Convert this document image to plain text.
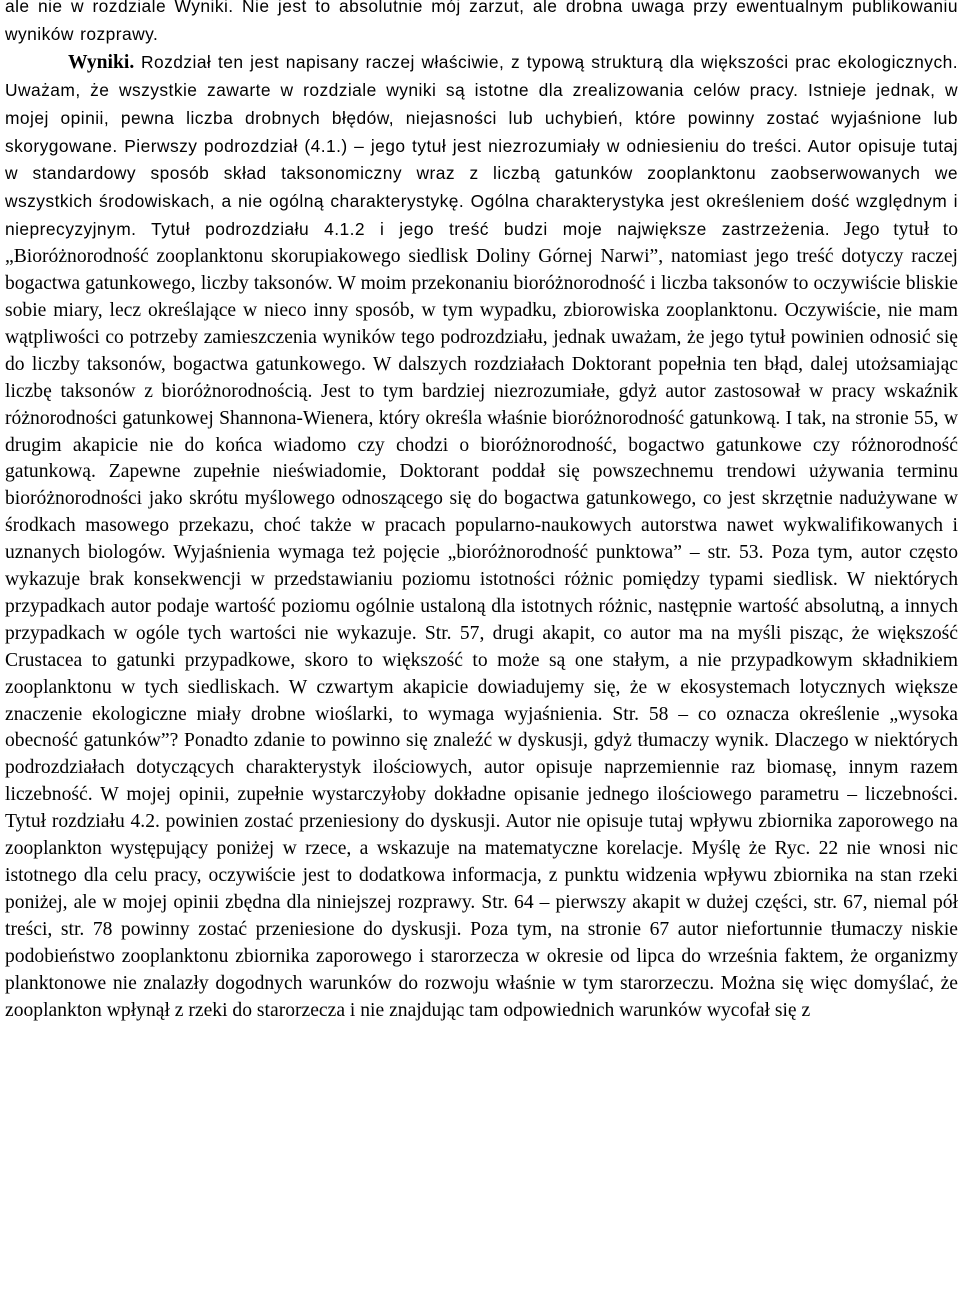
ale nie w rozdziale Wyniki. Nie jest to absolutnie mój zarzut, ale drobna uwaga przy ewentualnym publikowaniu wyników rozprawy.

Wyniki. Rozdział ten jest napisany raczej właściwie, z typową strukturą dla większości prac ekologicznych. Uważam, że wszystkie zawarte w rozdziale wyniki są istotne dla zrealizowania celów pracy. Istnieje jednak, w mojej opinii, pewna liczba drobnych błędów, niejasności lub uchybień, które powinny zostać wyjaśnione lub skorygowane. Pierwszy podrozdział (4.1.) – jego tytuł jest niezrozumiały w odniesieniu do treści. Autor opisuje tutaj w standardowy sposób skład taksonomiczny wraz z liczbą gatunków zooplanktonu zaobserwowanych we wszystkich środowiskach, a nie ogólną charakterystykę. Ogólna charakterystyka jest określeniem dość względnym i nieprecyzyjnym. Tytuł podrozdziału 4.1.2 i jego treść budzi moje największe zastrzeżenia. Jego tytuł to „Bioróżnorodność zooplanktonu skorupiakowego siedlisk Doliny Górnej Narwi”, natomiast jego treść dotyczy raczej bogactwa gatunkowego, liczby taksonów. W moim przekonaniu bioróżnorodność i liczba taksonów to oczywiście bliskie sobie miary, lecz określające w nieco inny sposób, w tym wypadku, zbiorowiska zooplanktonu. Oczywiście, nie mam wątpliwości co potrzeby zamieszczenia wyników tego podrozdziału, jednak uważam, że jego tytuł powinien odnosić się do liczby taksonów, bogactwa gatunkowego. W dalszych rozdziałach Doktorant popełnia ten błąd, dalej utożsamiając liczbę taksonów z bioróżnorodnością. Jest to tym bardziej niezrozumiałe, gdyż autor zastosował w pracy wskaźnik różnorodności gatunkowej Shannona-Wienera, który określa właśnie bioróżnorodność gatunkową. I tak, na stronie 55, w drugim akapicie nie do końca wiadomo czy chodzi o bioróżnorodność, bogactwo gatunkowe czy różnorodność gatunkową. Zapewne zupełnie nieświadomie, Doktorant poddał się powszechnemu trendowi używania terminu bioróżnorodności jako skrótu myślowego odnoszącego się do bogactwa gatunkowego, co jest skrzętnie nadużywane w środkach masowego przekazu, choć także w pracach popularno-naukowych autorstwa nawet wykwalifikowanych i uznanych biologów. Wyjaśnienia wymaga też pojęcie „bioróżnorodność punktowa” – str. 53. Poza tym, autor często wykazuje brak konsekwencji w przedstawianiu poziomu istotności różnic pomiędzy typami siedlisk. W niektórych przypadkach autor podaje wartość poziomu ogólnie ustaloną dla istotnych różnic, następnie wartość absolutną, a innych przypadkach w ogóle tych wartości nie wykazuje. Str. 57, drugi akapit, co autor ma na myśli pisząc, że większość Crustacea to gatunki przypadkowe, skoro to większość to może są one stałym, a nie przypadkowym składnikiem zooplanktonu w tych siedliskach. W czwartym akapicie dowiadujemy się, że w ekosystemach lotycznych większe znaczenie ekologiczne miały drobne wioślarki, to wymaga wyjaśnienia. Str. 58 – co oznacza określenie „wysoka obecność gatunków”? Ponadto zdanie to powinno się znaleźć w dyskusji, gdyż tłumaczy wynik. Dlaczego w niektórych podrozdziałach dotyczących charakterystyk ilościowych, autor opisuje naprzemiennie raz biomasę, innym razem liczebność. W mojej opinii, zupełnie wystarczyłoby dokładne opisanie jednego ilościowego parametru – liczebności. Tytuł rozdziału 4.2. powinien zostać przeniesiony do dyskusji. Autor nie opisuje tutaj wpływu zbiornika zaporowego na zooplankton występujący poniżej w rzece, a wskazuje na matematyczne korelacje. Myślę że Ryc. 22 nie wnosi nic istotnego dla celu pracy, oczywiście jest to dodatkowa informacja, z punktu widzenia wpływu zbiornika na stan rzeki poniżej, ale w mojej opinii zbędna dla niniejszej rozprawy. Str. 64 – pierwszy akapit w dużej części, str. 67, niemal pół treści, str. 78 powinny zostać przeniesione do dyskusji. Poza tym, na stronie 67 autor niefortunnie tłumaczy niskie podobieństwo zooplanktonu zbiornika zaporowego i starorzecza w okresie od lipca do września faktem, że organizmy planktonowe nie znalazły dogodnych warunków do rozwoju właśnie w tym starorzeczu. Można się więc domyślać, że zooplankton wpłynął z rzeki do starorzecza i nie znajdując tam odpowiednich warunków wycofał się z
